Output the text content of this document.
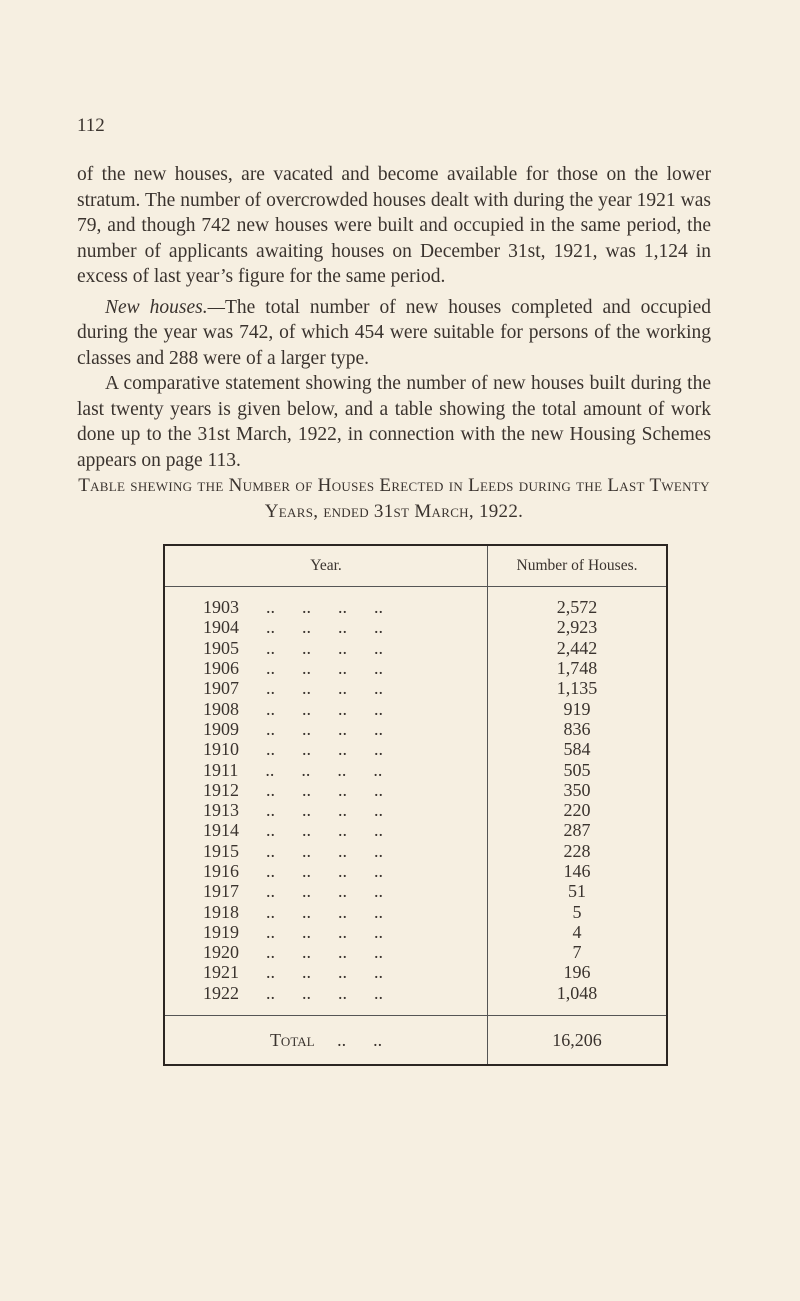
112

of the new houses, are vacated and become available for those on the lower stratum. The number of overcrowded houses dealt with during the year 1921 was 79, and though 742 new houses were built and occupied in the same period, the number of applicants awaiting houses on December 31st, 1921, was 1,124 in excess of last year’s figure for the same period.

New houses.—The total number of new houses completed and occupied during the year was 742, of which 454 were suitable for persons of the working classes and 288 were of a larger type.

A comparative statement showing the number of new houses built during the last twenty years is given below, and a table showing the total amount of work done up to the 31st March, 1922, in connection with the new Housing Schemes appears on page 113.

Table shewing the Number of Houses Erected in Leeds during the Last Twenty Years, ended 31st March, 1922.
Year.	Number of Houses.
1903 ..      ..      ..      ..	2,572
1904 ..      ..      ..      ..	2,923
1905 ..      ..      ..      ..	2,442
1906 ..      ..      ..      ..	1,748
1907 ..      ..      ..      ..	1,135
1908 ..      ..      ..      ..	919
1909 ..      ..      ..      ..	836
1910 ..      ..      ..      ..	584
1911 ..      ..      ..      ..	505
1912 ..      ..      ..      ..	350
1913 ..      ..      ..      ..	220
1914 ..      ..      ..      ..	287
1915 ..      ..      ..      ..	228
1916 ..      ..      ..      ..	146
1917 ..      ..      ..      ..	51
1918 ..      ..      ..      ..	5
1919 ..      ..      ..      ..	4
1920 ..      ..      ..      ..	7
1921 ..      ..      ..      ..	196
1922 ..      ..      ..      ..	1,048
Total ..      ..	16,206
